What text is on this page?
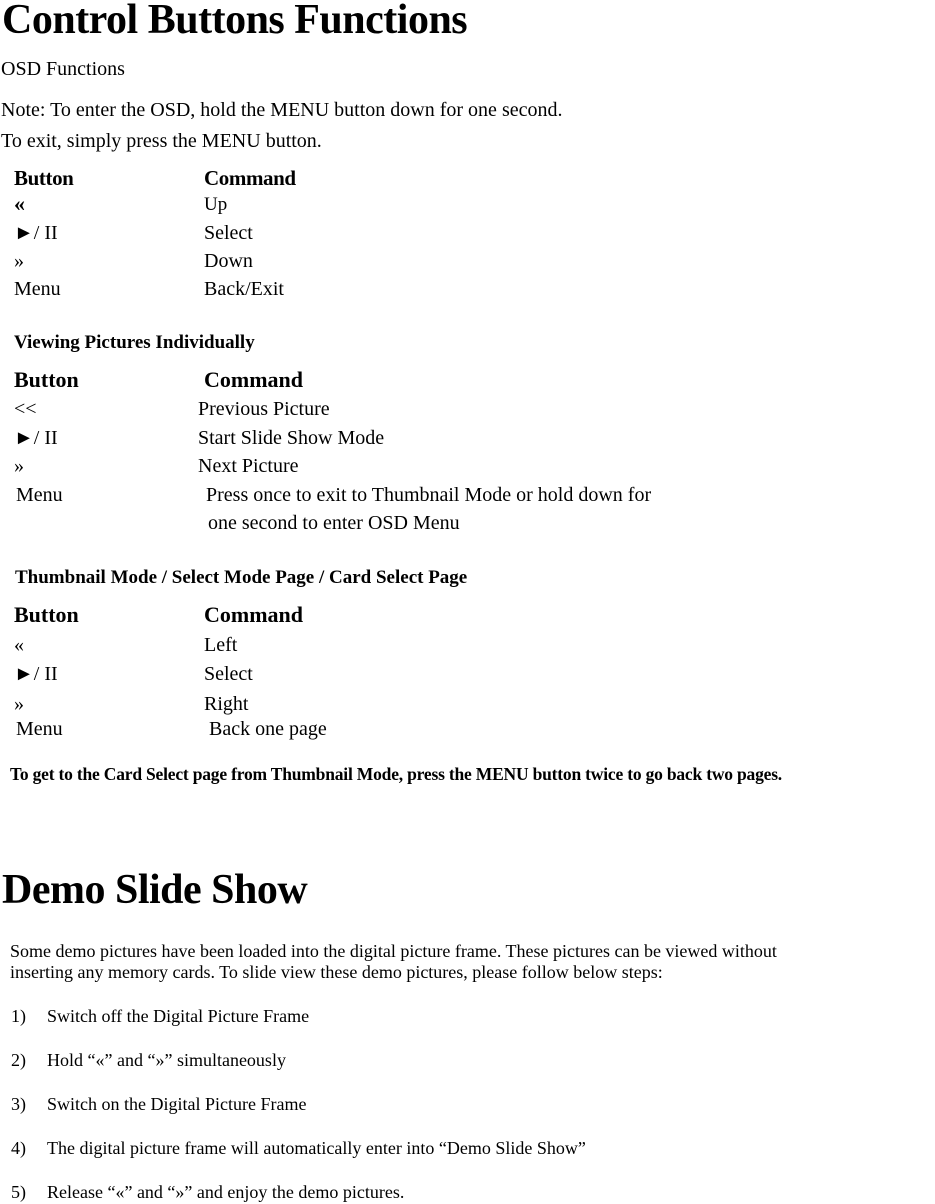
Control Buttons Functions
OSD Functions
Note: To enter the OSD, hold the MENU button down for one second.
To exit, simply press the MENU button.
Button	Command
«	Up
►/ II	Select
»	Down
Menu	Back/Exit
Viewing Pictures Individually
Button	Command
<<	Previous Picture
►/ II	Start Slide Show Mode
»	Next Picture
Menu	Press once to exit to Thumbnail Mode or hold down for
one second to enter OSD Menu
Thumbnail Mode / Select Mode Page / Card Select Page
Button	Command
«	Left
►/ II	Select
»	Right
Menu	Back one page
To get to the Card Select page from Thumbnail Mode, press the MENU button twice to go back two pages.
Demo Slide Show
Some demo pictures have been loaded into the digital picture frame. These pictures can be viewed without
inserting any memory cards. To slide view these demo pictures, please follow below steps:
1) Switch off the Digital Picture Frame
2) Hold “«” and “»” simultaneously
3) Switch on the Digital Picture Frame
4) The digital picture frame will automatically enter into “Demo Slide Show”
5) Release “«” and “»” and enjoy the demo pictures.
